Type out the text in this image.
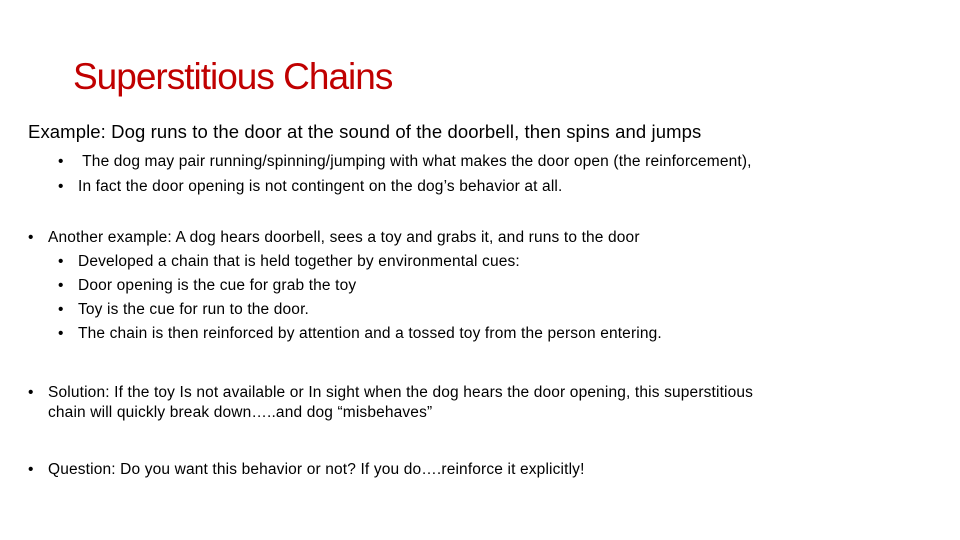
Superstitious Chains
Example: Dog runs to the door at the sound of the doorbell, then spins and jumps
• The dog may pair running/spinning/jumping with what makes the door open (the reinforcement),
• In fact the door opening is not contingent on the dog’s behavior at all.
• Another example: A dog hears doorbell, sees a toy and grabs it, and runs to the door
• Developed a chain that is held together by environmental cues:
• Door opening is the cue for grab the toy
• Toy is the cue for run to the door.
• The chain is then reinforced by attention and a tossed toy from the person entering.
• Solution: If the toy Is not available or In sight when the dog hears the door opening, this superstitious
chain will quickly break down…..and dog “misbehaves”
• Question: Do you want this behavior or not? If you do….reinforce it explicitly!
